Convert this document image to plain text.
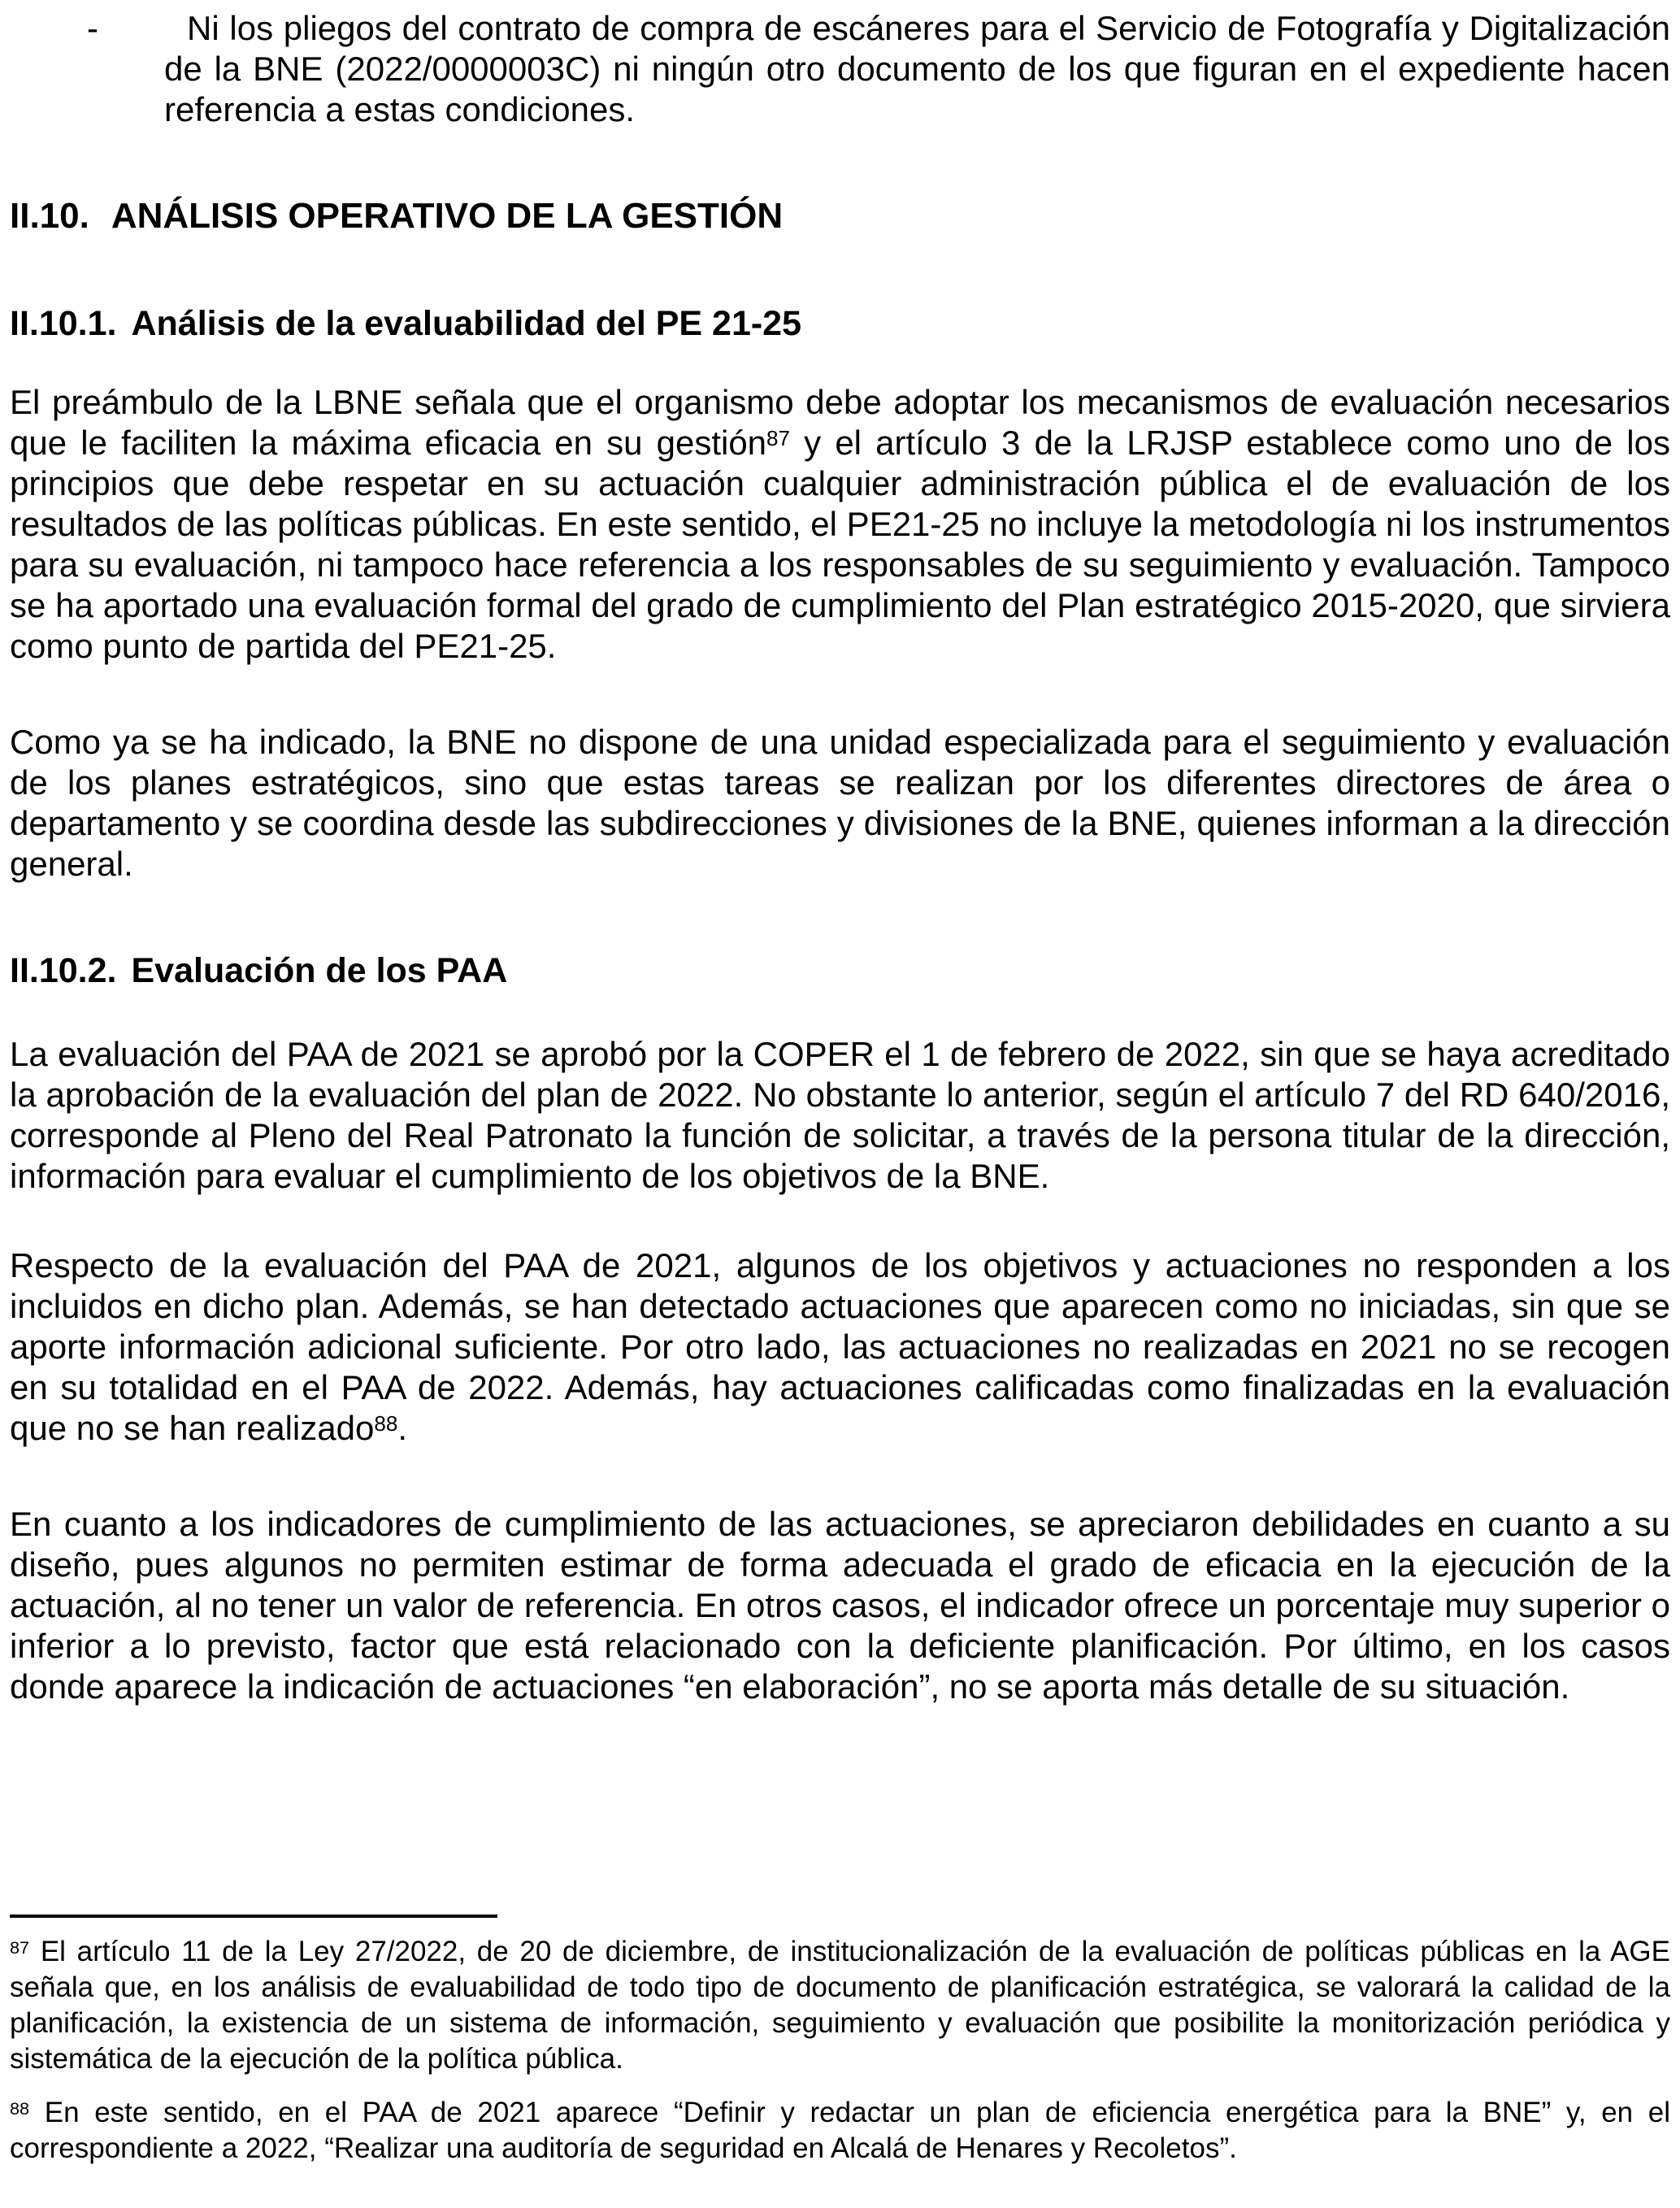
-	Ni los pliegos del contrato de compra de escáneres para el Servicio de Fotografía y Digitalización de la BNE (2022/0000003C) ni ningún otro documento de los que figuran en el expediente hacen referencia a estas condiciones.
II.10. ANÁLISIS OPERATIVO DE LA GESTIÓN
II.10.1. Análisis de la evaluabilidad del PE 21-25

El preámbulo de la LBNE señala que el organismo debe adoptar los mecanismos de evaluación necesarios que le faciliten la máxima eficacia en su gestión$^{87}$ y el artículo 3 de la LRJSP establece como uno de los principios que debe respetar en su actuación cualquier administración pública el de evaluación de los resultados de las políticas públicas. En este sentido, el PE21-25 no incluye la metodología ni los instrumentos para su evaluación, ni tampoco hace referencia a los responsables de su seguimiento y evaluación. Tampoco se ha aportado una evaluación formal del grado de cumplimiento del Plan estratégico 2015-2020, que sirviera como punto de partida del PE21-25.

Como ya se ha indicado, la BNE no dispone de una unidad especializada para el seguimiento y evaluación de los planes estratégicos, sino que estas tareas se realizan por los diferentes directores de área o departamento y se coordina desde las subdirecciones y divisiones de la BNE, quienes informan a la dirección general.

II.10.2. Evaluación de los PAA

La evaluación del PAA de 2021 se aprobó por la COPER el 1 de febrero de 2022, sin que se haya acreditado la aprobación de la evaluación del plan de 2022. No obstante lo anterior, según el artículo 7 del RD 640/2016, corresponde al Pleno del Real Patronato la función de solicitar, a través de la persona titular de la dirección, información para evaluar el cumplimiento de los objetivos de la BNE.

Respecto de la evaluación del PAA de 2021, algunos de los objetivos y actuaciones no responden a los incluidos en dicho plan. Además, se han detectado actuaciones que aparecen como no iniciadas, sin que se aporte información adicional suficiente. Por otro lado, las actuaciones no realizadas en 2021 no se recogen en su totalidad en el PAA de 2022. Además, hay actuaciones calificadas como finalizadas en la evaluación que no se han realizado$^{88}$.

En cuanto a los indicadores de cumplimiento de las actuaciones, se apreciaron debilidades en cuanto a su diseño, pues algunos no permiten estimar de forma adecuada el grado de eficacia en la ejecución de la actuación, al no tener un valor de referencia. En otros casos, el indicador ofrece un porcentaje muy superior o inferior a lo previsto, factor que está relacionado con la deficiente planificación. Por último, en los casos donde aparece la indicación de actuaciones “en elaboración”, no se aporta más detalle de su situación.

$^{87}$ El artículo 11 de la Ley 27/2022, de 20 de diciembre, de institucionalización de la evaluación de políticas públicas en la AGE señala que, en los análisis de evaluabilidad de todo tipo de documento de planificación estratégica, se valorará la calidad de la planificación, la existencia de un sistema de información, seguimiento y evaluación que posibilite la monitorización periódica y sistemática de la ejecución de la política pública.

$^{88}$ En este sentido, en el PAA de 2021 aparece “Definir y redactar un plan de eficiencia energética para la BNE” y, en el correspondiente a 2022, “Realizar una auditoría de seguridad en Alcalá de Henares y Recoletos”.
